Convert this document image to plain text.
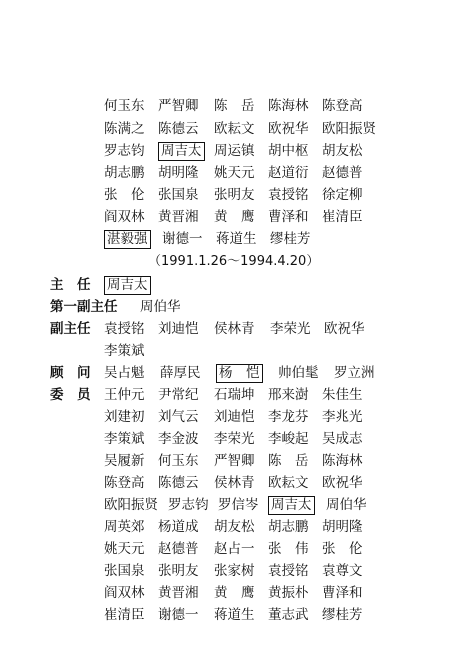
何玉东 严智卿 陈　岳 陈海林 陈登高
陈满之 陈德云 欧耘文 欧祝华 欧阳振贤
罗志钧 周吉太 周运镇 胡中枢 胡友松
胡志鹏 胡明隆 姚天元 赵道衍 赵德普
张　伦 张国泉 张明友 袁授铭 徐定柳
阎双林 黄晋湘 黄　鹰 曹泽和 崔清臣
湛毅强 谢德一 蒋道生 缪桂芳
（1991.1.26～1994.4.20）
主　任 周吉太
第一副主任 周伯华
副主任 袁授铭 刘迪恺 侯林青 李荣光 欧祝华
李策斌
顾　问 吴占魁 薛厚民 杨　恺 帅伯髦 罗立洲
委　员 王仲元 尹常纪 石瑞坤 邢来澍 朱佳生
刘建初 刘气云 刘迪恺 李龙芬 李兆光
李策斌 李金波 李荣光 李峻起 吴成志
吴履新 何玉东 严智卿 陈　岳 陈海林
陈登高 陈德云 侯林青 欧耘文 欧祝华
欧阳振贤 罗志钧 罗信岑 周吉太 周伯华
周英郊 杨道成 胡友松 胡志鹏 胡明隆
姚天元 赵德普 赵占一 张　伟 张　伦
张国泉 张明友 张家树 袁授铭 袁尊文
阎双林 黄晋湘 黄　鹰 黄振朴 曹泽和
崔清臣 谢德一 蒋道生 董志武 缪桂芳
